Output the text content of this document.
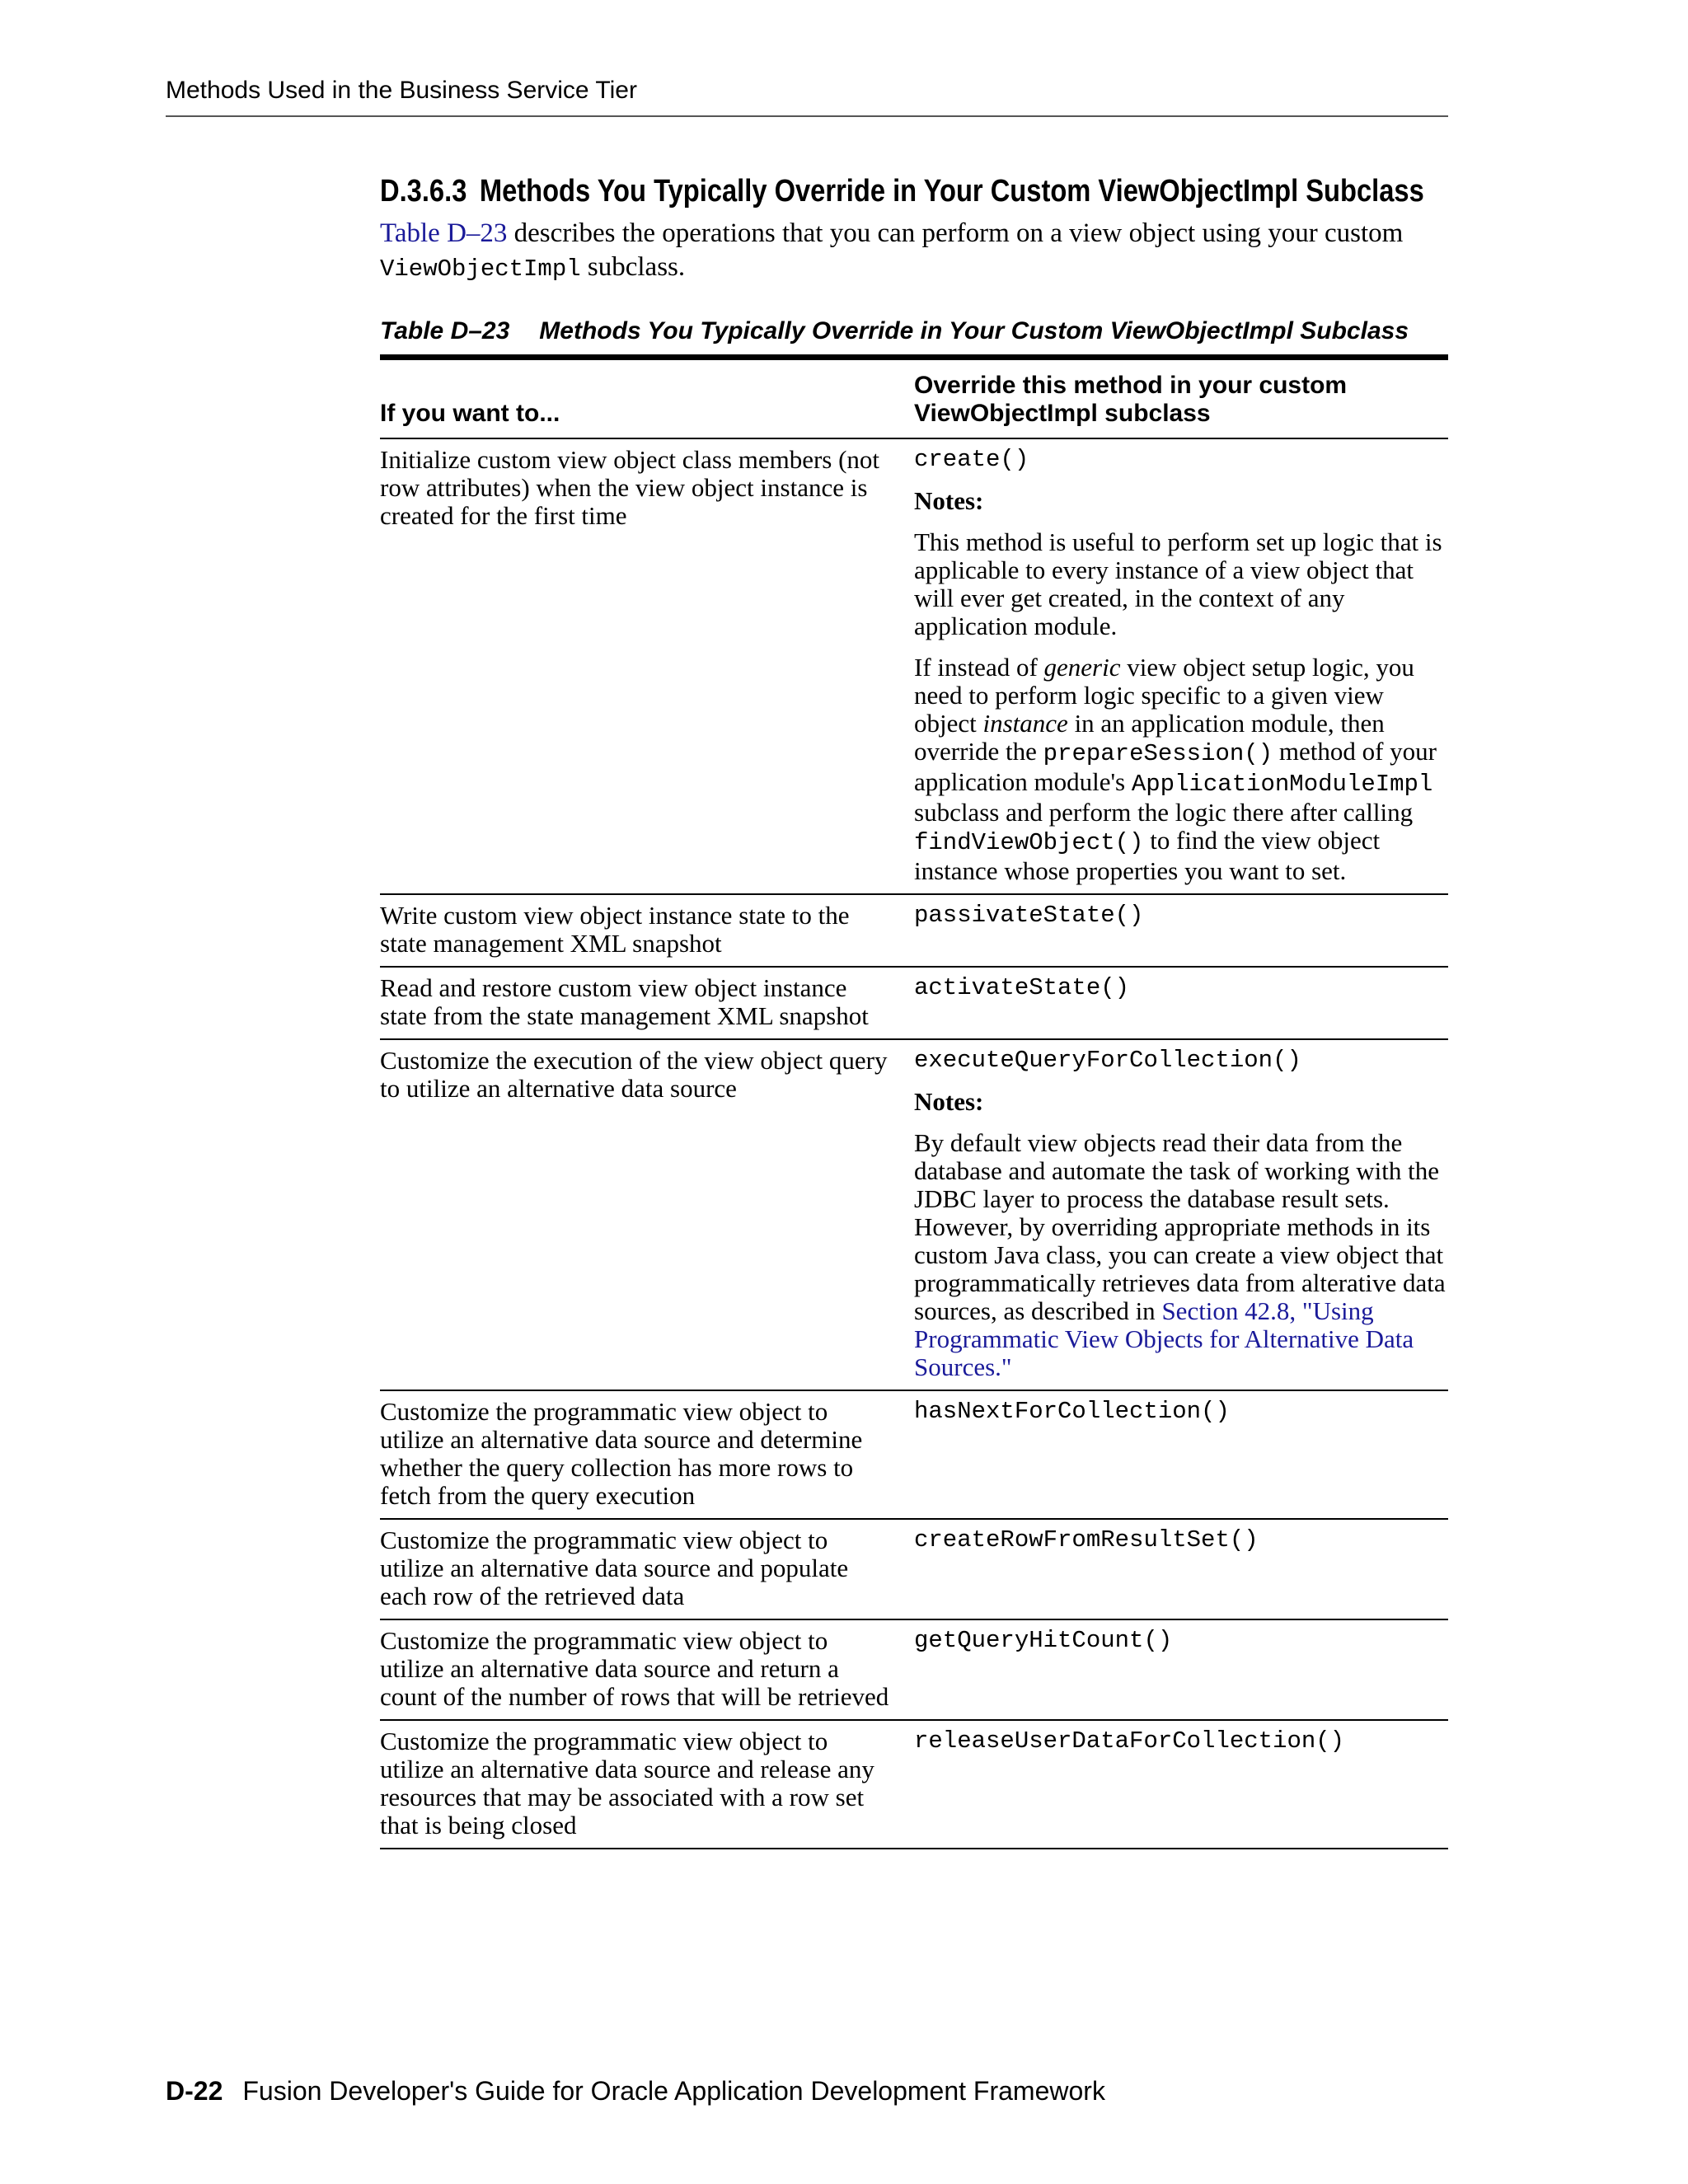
Methods Used in the Business Service Tier
D.3.6.3 Methods You Typically Override in Your Custom ViewObjectImpl Subclass

Table D–23 describes the operations that you can perform on a view object using your custom ViewObjectImpl subclass.

Table D–23 Methods You Typically Override in Your Custom ViewObjectImpl Subclass
If you want to...	Override this method in your custom ViewObjectImpl subclass
Initialize custom view object class members (not row attributes) when the view object instance is created for the first time	create()
Notes:

This method is useful to perform set up logic that is applicable to every instance of a view object that will ever get created, in the context of any application module.

If instead of generic view object setup logic, you need to perform logic specific to a given view object instance in an application module, then override the prepareSession() method of your application module's ApplicationModuleImpl subclass and perform the logic there after calling findViewObject() to find the view object instance whose properties you want to set.

Write custom view object instance state to the state management XML snapshot	passivateState()

Read and restore custom view object instance state from the state management XML snapshot	activateState()

Customize the execution of the view object query to utilize an alternative data source	executeQueryForCollection()
Notes:

By default view objects read their data from the database and automate the task of working with the JDBC layer to process the database result sets. However, by overriding appropriate methods in its custom Java class, you can create a view object that programmatically retrieves data from alterative data sources, as described in Section 42.8, "Using Programmatic View Objects for Alternative Data Sources."

Customize the programmatic view object to utilize an alternative data source and determine whether the query collection has more rows to fetch from the query execution	hasNextForCollection()

Customize the programmatic view object to utilize an alternative data source and populate each row of the retrieved data	createRowFromResultSet()

Customize the programmatic view object to utilize an alternative data source and return a count of the number of rows that will be retrieved	getQueryHitCount()

Customize the programmatic view object to utilize an alternative data source and release any resources that may be associated with a row set that is being closed	releaseUserDataForCollection()
D-22 Fusion Developer's Guide for Oracle Application Development Framework
